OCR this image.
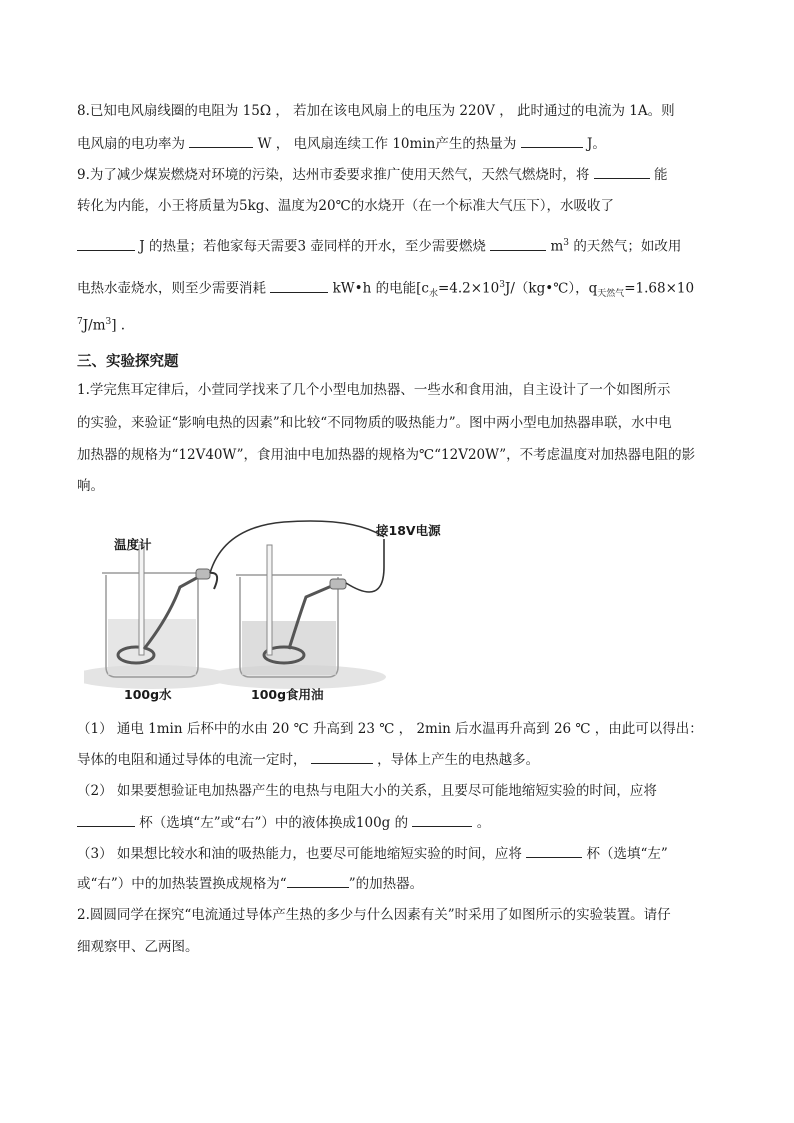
8.已知电风扇线圈的电阻为 15Ω ， 若加在该电风扇上的电压为 220V ， 此时通过的电流为 1A。则
电风扇的电功率为	W ， 电风扇连续工作 10min产生的热量为	J。
9.为了减少煤炭燃烧对环境的污染，达州市委要求推广使用天然气，天然气燃烧时，将	能
转化为内能，小王将质量为5kg、温度为20℃的水烧开（在一个标准大气压下），水吸收了
J 的热量；若他家每天需要3 壶同样的开水，至少需要燃烧	$m^3$ 的天然气；如改用
电热水壶烧水，则至少需要消耗	kW•h 的电能[$c_水=4.2\times 10^3J/(kg•℃)$，$q_{天然气}=1.68\times 10$
$^7J/m^3$] .
三、实验探究题
1.学完焦耳定律后，小萱同学找来了几个小型电加热器、一些水和食用油，自主设计了一个如图所示
的实验，来验证“影响电热的因素”和比较“不同物质的吸热能力”。图中两小型电加热器串联，水中电
加热器的规格为“12V40W”，食用油中电加热器的规格为℃“12V20W”，不考虑温度对加热器电阻的影
响。
温度计
接18V电源
100g水	100g食用油
（1） 通电 1min 后杯中的水由 20 ℃ 升高到 23 ℃ ， 2min 后水温再升高到 26 ℃ ，由此可以得出：
导体的电阻和通过导体的电流一定时，	，导体上产生的电热越多。
（2） 如果要想验证电加热器产生的电热与电阻大小的关系，且要尽可能地缩短实验的时间，应将
杯（选填“左”或“右”）中的液体换成100g 的	。
（3） 如果想比较水和油的吸热能力，也要尽可能地缩短实验的时间，应将	杯（选填“左”
或“右”）中的加热装置换成规格为“	”的加热器。
2.圆圆同学在探究“电流通过导体产生热的多少与什么因素有关”时采用了如图所示的实验装置。请仔
细观察甲、乙两图。
